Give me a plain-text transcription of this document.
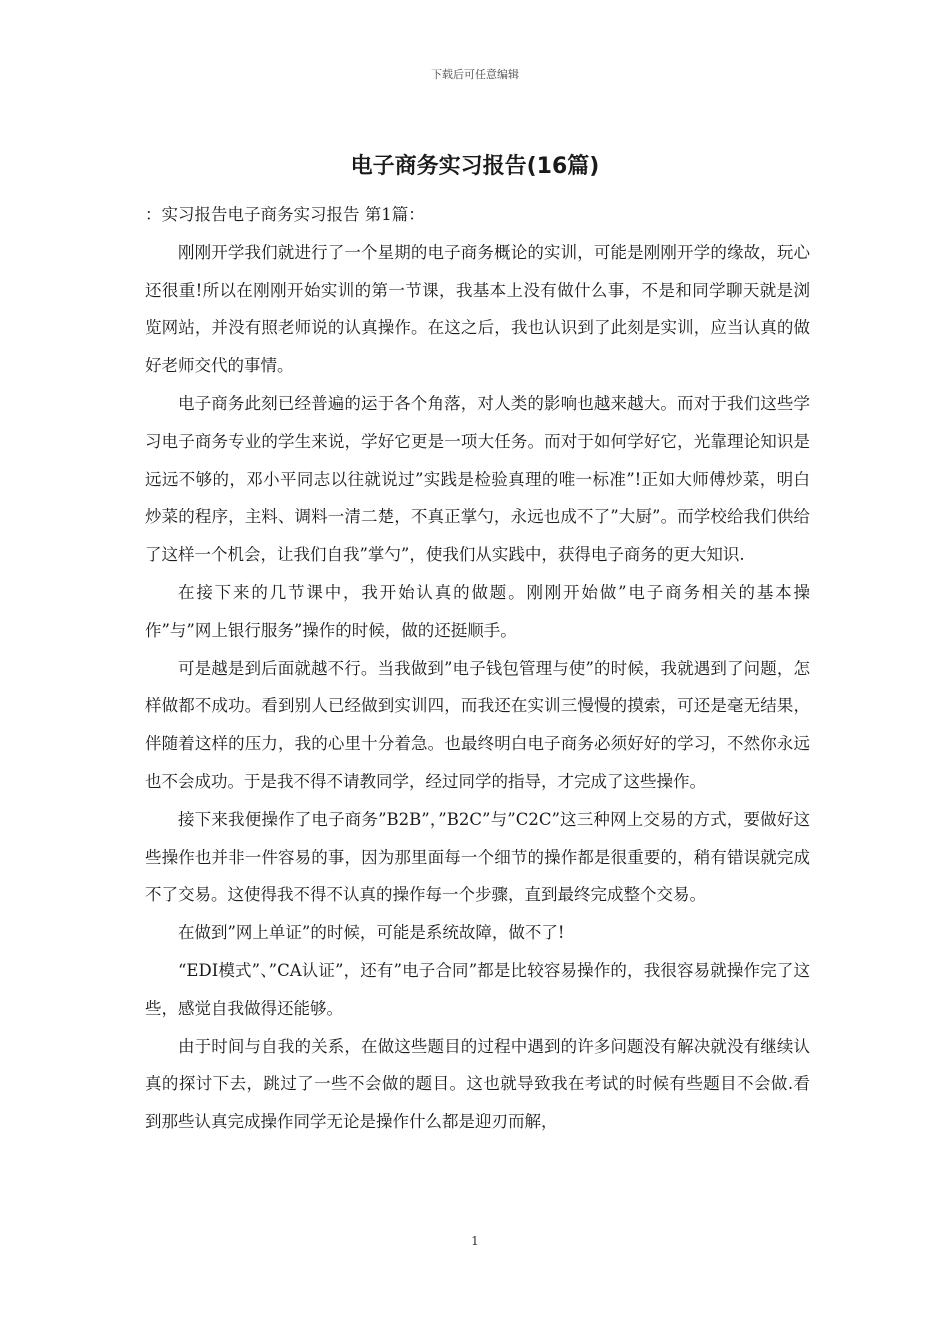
下载后可任意编辑
电子商务实习报告(16篇)

：实习报告电子商务实习报告 第1篇：

刚刚开学我们就进行了一个星期的电子商务概论的实训，可能是刚刚开学的缘故，玩心还很重!所以在刚刚开始实训的第一节课，我基本上没有做什么事，不是和同学聊天就是浏览网站，并没有照老师说的认真操作。在这之后，我也认识到了此刻是实训，应当认真的做好老师交代的事情。

电子商务此刻已经普遍的运于各个角落，对人类的影响也越来越大。而对于我们这些学习电子商务专业的学生来说，学好它更是一项大任务。而对于如何学好它，光靠理论知识是远远不够的，邓小平同志以往就说过”实践是检验真理的唯一标准”!正如大师傅炒菜，明白炒菜的程序，主料、调料一清二楚，不真正掌勺，永远也成不了”大厨”。而学校给我们供给了这样一个机会，让我们自我”掌勺”，使我们从实践中，获得电子商务的更大知识.

在接下来的几节课中，我开始认真的做题。刚刚开始做”电子商务相关的基本操作”与”网上银行服务”操作的时候，做的还挺顺手。

可是越是到后面就越不行。当我做到”电子钱包管理与使”的时候，我就遇到了问题，怎样做都不成功。看到别人已经做到实训四，而我还在实训三慢慢的摸索，可还是毫无结果，伴随着这样的压力，我的心里十分着急。也最终明白电子商务必须好好的学习，不然你永远也不会成功。于是我不得不请教同学，经过同学的指导，才完成了这些操作。

接下来我便操作了电子商务”B2B”，”B2C”与”C2C”这三种网上交易的方式，要做好这些操作也并非一件容易的事，因为那里面每一个细节的操作都是很重要的，稍有错误就完成不了交易。这使得我不得不认真的操作每一个步骤，直到最终完成整个交易。

在做到”网上单证”的时候，可能是系统故障，做不了!

“EDI模式”、”CA认证”，还有”电子合同”都是比较容易操作的，我很容易就操作完了这些，感觉自我做得还能够。

由于时间与自我的关系，在做这些题目的过程中遇到的许多问题没有解决就没有继续认真的探讨下去，跳过了一些不会做的题目。这也就导致我在考试的时候有些题目不会做.看到那些认真完成操作同学无论是操作什么都是迎刃而解，

1
